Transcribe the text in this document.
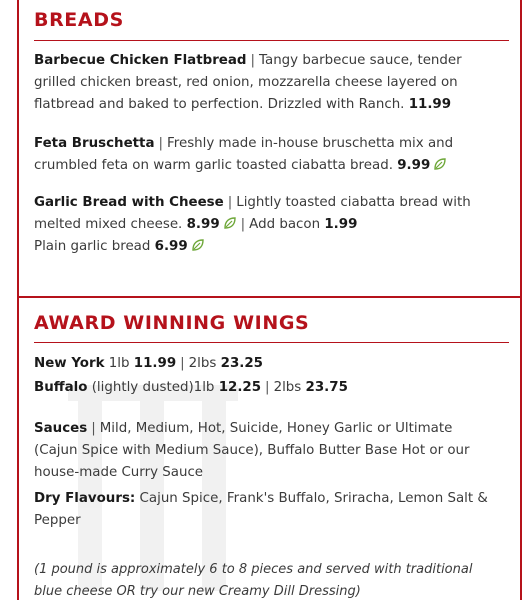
BREADS

Barbecue Chicken Flatbread | Tangy barbecue sauce, tender grilled chicken breast, red onion, mozzarella cheese layered on flatbread and baked to perfection. Drizzled with Ranch. 11.99

Feta Bruschetta | Freshly made in-house bruschetta mix and crumbled feta on warm garlic toasted ciabatta bread. 9.99

Garlic Bread with Cheese | Lightly toasted ciabatta bread with melted mixed cheese. 8.99 | Add bacon 1.99
Plain garlic bread 6.99

AWARD WINNING WINGS

New York 1lb 11.99 | 2lbs 23.25

Buffalo (lightly dusted)1lb 12.25 | 2lbs 23.75

Sauces | Mild, Medium, Hot, Suicide, Honey Garlic or Ultimate (Cajun Spice with Medium Sauce), Buffalo Butter Base Hot or our house-made Curry Sauce

Dry Flavours: Cajun Spice, Frank's Buffalo, Sriracha, Lemon Salt & Pepper

(1 pound is approximately 6 to 8 pieces and served with traditional blue cheese OR try our new Creamy Dill Dressing)
